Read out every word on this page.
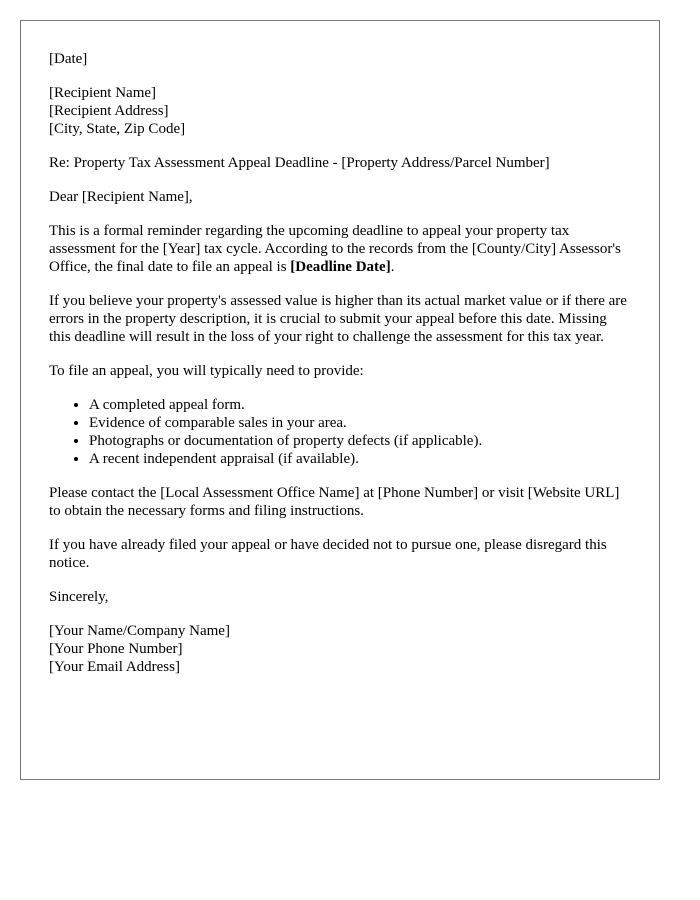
[Date]

[Recipient Name]
[Recipient Address]
[City, State, Zip Code]

Re: Property Tax Assessment Appeal Deadline - [Property Address/Parcel Number]

Dear [Recipient Name],

This is a formal reminder regarding the upcoming deadline to appeal your property tax assessment for the [Year] tax cycle. According to the records from the [County/City] Assessor's Office, the final date to file an appeal is [Deadline Date].

If you believe your property's assessed value is higher than its actual market value or if there are errors in the property description, it is crucial to submit your appeal before this date. Missing this deadline will result in the loss of your right to challenge the assessment for this tax year.

To file an appeal, you will typically need to provide:

• A completed appeal form.
• Evidence of comparable sales in your area.
• Photographs or documentation of property defects (if applicable).
• A recent independent appraisal (if available).

Please contact the [Local Assessment Office Name] at [Phone Number] or visit [Website URL] to obtain the necessary forms and filing instructions.

If you have already filed your appeal or have decided not to pursue one, please disregard this notice.

Sincerely,

[Your Name/Company Name]
[Your Phone Number]
[Your Email Address]
